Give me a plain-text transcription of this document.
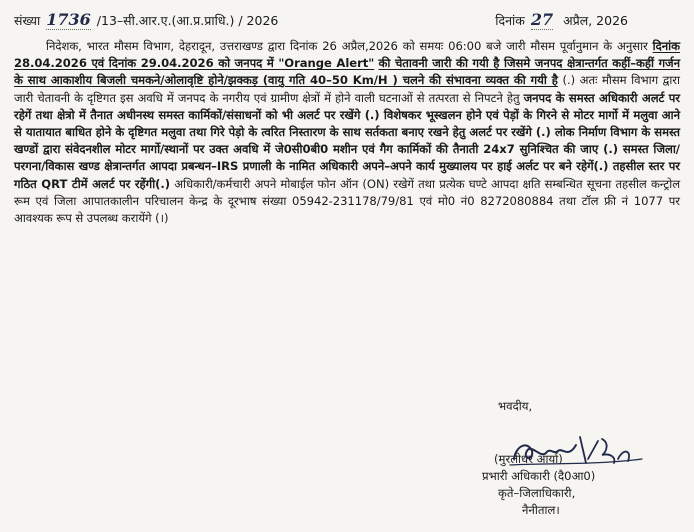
संख्या 1736 /13–सी.आर.ए.(आ.प्र.प्राधि.) / 2026	दिनांक 27 अप्रैल, 2026

निदेशक, भारत मौसम विभाग, देहरादून, उत्तराखण्ड द्वारा दिनांक 26 अप्रैल,2026 को समयः 06:00 बजे जारी मौसम पूर्वानुमान के अनुसार दिनांक 28.04.2026 एवं दिनांक 29.04.2026 को जनपद में "Orange Alert" की चेतावनी जारी की गयी है जिसमे जनपद क्षेत्रान्तर्गत कहीं–कहीं गर्जन के साथ आकाशीय बिजली चमकने/ओलावृष्टि होने/झक्कड़ (वायु गति 40–50 Km/H ) चलने की संभावना व्यक्त की गयी है (.) अतः मौसम विभाग द्वारा जारी चेतावनी के दृष्टिगत इस अवधि में जनपद के नगरीय एवं ग्रामीण क्षेत्रों में होने वाली घटनाओं से तत्परता से निपटने हेतु जनपद के समस्त अधिकारी अलर्ट पर रहेगें तथा क्षेत्रो में तैनात अधीनस्थ समस्त कार्मिकों/संसाधनों को भी अलर्ट पर रखेंगे (.) विशेषकर भूस्खलन होने एवं पेड़ों के गिरने से मोटर मार्गो में मलुवा आने से यातायात बाधित होने के दृष्टिगत मलुवा तथा गिरे पेड़ो के त्वरित निस्तारण के साथ सर्तकता बनाए रखने हेतु अलर्ट पर रखेंगे (.) लोक निर्माण विभाग के समस्त खण्डों द्वारा संवेदनशील मोटर मार्गो/स्थानों पर उक्त अवधि में जे0सी0बी0 मशीन एवं गैग कार्मिकों की तैनाती 24x7 सुनिश्चित की जाए (.) समस्त जिला/परगना/विकास खण्ड क्षेत्रान्तर्गत आपदा प्रबन्धन–IRS प्रणाली के नामित अधिकारी अपने–अपने कार्य मुख्यालय पर हाई अर्लट पर बने रहेगें(.) तहसील स्तर पर गठित QRT टीमें अलर्ट पर रहेंगी(.) अधिकारी/कर्मचारी अपने मोबाईल फोन ऑन (ON) रखेगें तथा प्रत्येक घण्टे आपदा क्षति सम्बन्धित सूचना तहसील कन्ट्रोल रूम एवं जिला आपातकालीन परिचालन केन्द्र के दूरभाष संख्या 05942-231178/79/81 एवं मो0 नं0 8272080884 तथा टॉल फ्री नं 1077 पर आवश्यक रूप से उपलब्ध करायेंगे (।)

भवदीय,
(मुरलीधर आर्या)
प्रभारी अधिकारी (दै0आ0)
कृते–जिलाधिकारी,
नैनीताल।
